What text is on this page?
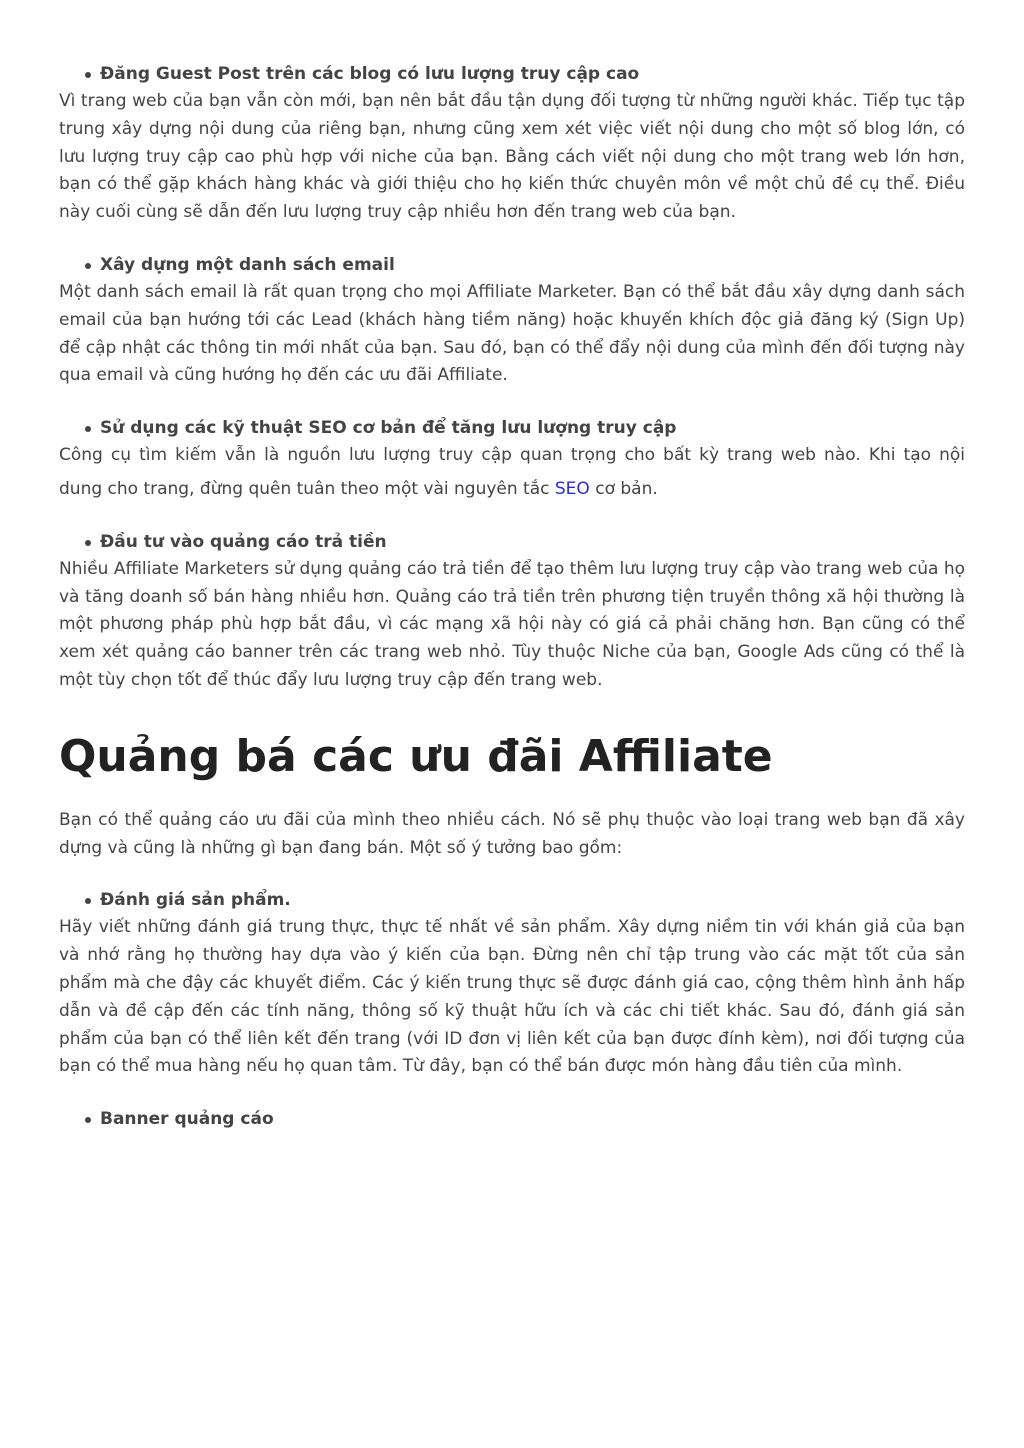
Đăng Guest Post trên các blog có lưu lượng truy cập cao

Vì trang web của bạn vẫn còn mới, bạn nên bắt đầu tận dụng đối tượng từ những người khác. Tiếp tục tập trung xây dựng nội dung của riêng bạn, nhưng cũng xem xét việc viết nội dung cho một số blog lớn, có lưu lượng truy cập cao phù hợp với niche của bạn. Bằng cách viết nội dung cho một trang web lớn hơn, bạn có thể gặp khách hàng khác và giới thiệu cho họ kiến thức chuyên môn về một chủ đề cụ thể. Điều này cuối cùng sẽ dẫn đến lưu lượng truy cập nhiều hơn đến trang web của bạn.

Xây dựng một danh sách email

Một danh sách email là rất quan trọng cho mọi Affiliate Marketer. Bạn có thể bắt đầu xây dựng danh sách email của bạn hướng tới các Lead (khách hàng tiềm năng) hoặc khuyến khích độc giả đăng ký (Sign Up) để cập nhật các thông tin mới nhất của bạn. Sau đó, bạn có thể đẩy nội dung của mình đến đối tượng này qua email và cũng hướng họ đến các ưu đãi Affiliate.

Sử dụng các kỹ thuật SEO cơ bản để tăng lưu lượng truy cập

Công cụ tìm kiếm vẫn là nguồn lưu lượng truy cập quan trọng cho bất kỳ trang web nào. Khi tạo nội dung cho trang, đừng quên tuân theo một vài nguyên tắc SEO cơ bản.

Đầu tư vào quảng cáo trả tiền

Nhiều Affiliate Marketers sử dụng quảng cáo trả tiền để tạo thêm lưu lượng truy cập vào trang web của họ và tăng doanh số bán hàng nhiều hơn. Quảng cáo trả tiền trên phương tiện truyền thông xã hội thường là một phương pháp phù hợp bắt đầu, vì các mạng xã hội này có giá cả phải chăng hơn. Bạn cũng có thể xem xét quảng cáo banner trên các trang web nhỏ. Tùy thuộc Niche của bạn, Google Ads cũng có thể là một tùy chọn tốt để thúc đẩy lưu lượng truy cập đến trang web.

Quảng bá các ưu đãi Affiliate

Bạn có thể quảng cáo ưu đãi của mình theo nhiều cách. Nó sẽ phụ thuộc vào loại trang web bạn đã xây dựng và cũng là những gì bạn đang bán. Một số ý tưởng bao gồm:

Đánh giá sản phẩm.

Hãy viết những đánh giá trung thực, thực tế nhất về sản phẩm. Xây dựng niềm tin với khán giả của bạn và nhớ rằng họ thường hay dựa vào ý kiến của bạn. Đừng nên chỉ tập trung vào các mặt tốt của sản phẩm mà che đậy các khuyết điểm. Các ý kiến trung thực sẽ được đánh giá cao, cộng thêm hình ảnh hấp dẫn và đề cập đến các tính năng, thông số kỹ thuật hữu ích và các chi tiết khác. Sau đó, đánh giá sản phẩm của bạn có thể liên kết đến trang (với ID đơn vị liên kết của bạn được đính kèm), nơi đối tượng của bạn có thể mua hàng nếu họ quan tâm. Từ đây, bạn có thể bán được món hàng đầu tiên của mình.

Banner quảng cáo
